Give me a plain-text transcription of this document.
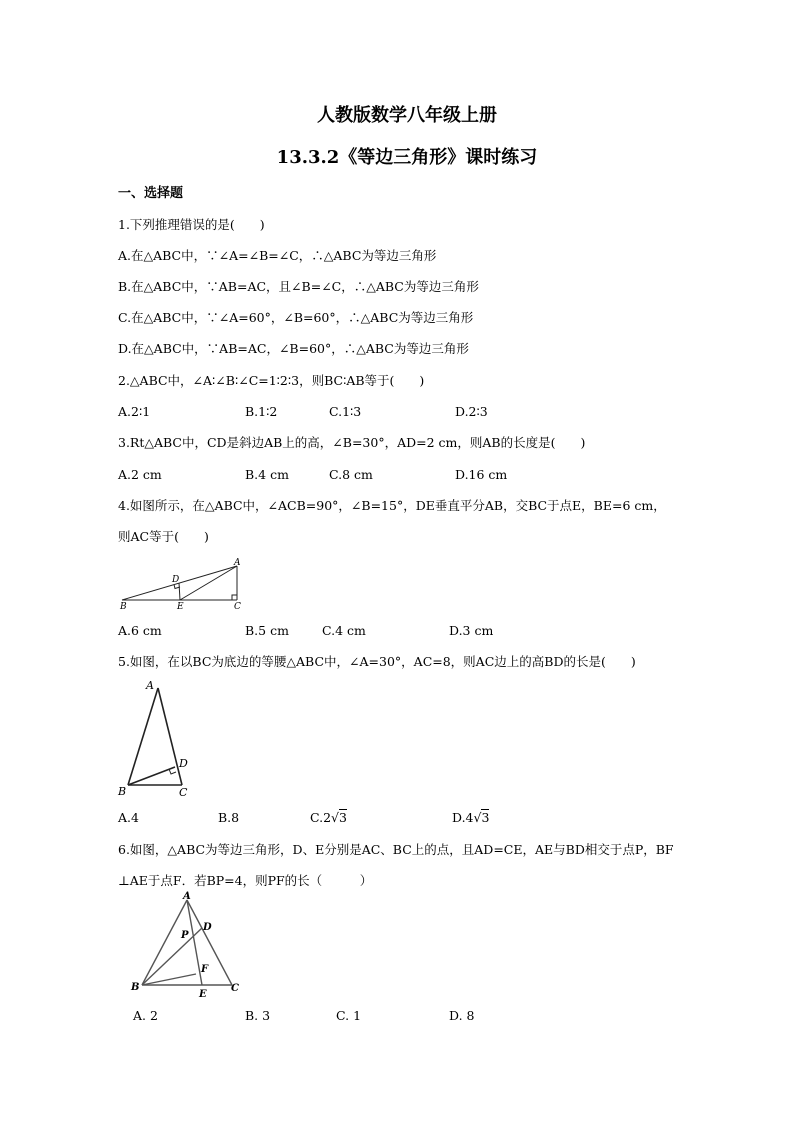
人教版数学八年级上册
13.3.2《等边三角形》课时练习
一、选择题
1.下列推理错误的是(　　)
A.在△ABC中，∵∠A=∠B=∠C，∴△ABC为等边三角形
B.在△ABC中，∵AB=AC，且∠B=∠C，∴△ABC为等边三角形
C.在△ABC中，∵∠A=60°，∠B=60°，∴△ABC为等边三角形
D.在△ABC中，∵AB=AC，∠B=60°，∴△ABC为等边三角形
2.△ABC中，∠A∶∠B∶∠C=1∶2∶3，则BC∶AB等于(　　)
A.2∶1	B.1∶2	C.1∶3	D.2∶3
3.Rt△ABC中，CD是斜边AB上的高，∠B=30°，AD=2 cm，则AB的长度是(　　)
A.2 cm	B.4 cm	C.8 cm	D.16 cm
4.如图所示，在△ABC中，∠ACB=90°，∠B=15°，DE垂直平分AB，交BC于点E，BE=6 cm，
则AC等于(　　)
A
B	C
D
E
A.6 cm	B.5 cm	C.4 cm	D.3 cm
5.如图，在以BC为底边的等腰△ABC中，∠A=30°，AC=8，则AC边上的高BD的长是(　　)
A
B	C
D
A.4	B.8	C.2√3	D.4√3
6.如图，△ABC为等边三角形，D、E分别是AC、BC上的点，且AD=CE，AE与BD相交于点P，BF
⊥AE于点F．若BP=4，则PF的长（　　　）
A
B	C
D
E
F
P
A. 2	B. 3	C. 1	D. 8
